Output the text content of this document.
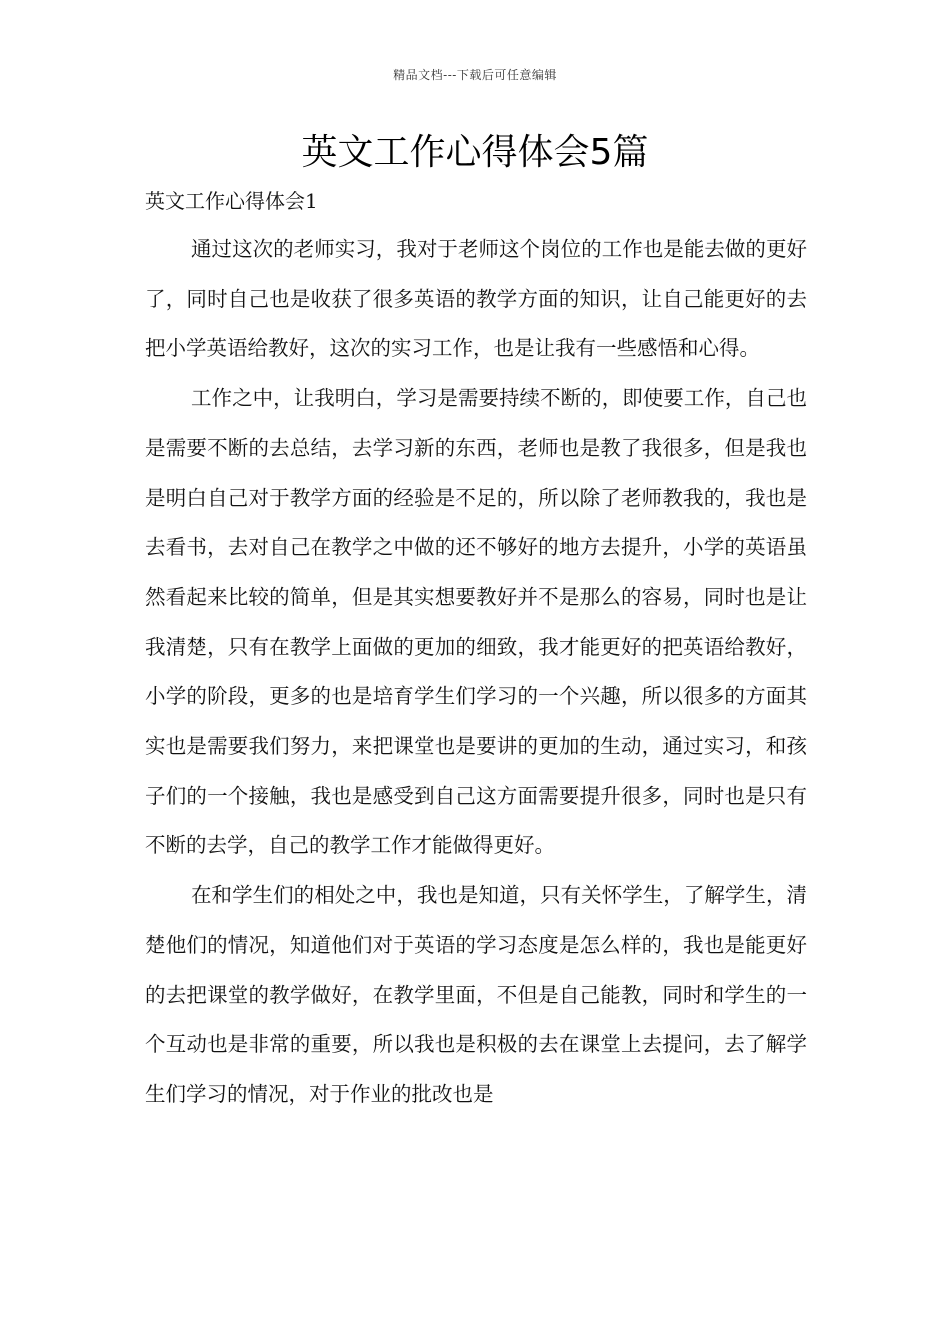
精品文档---下载后可任意编辑
英文工作心得体会5篇
英文工作心得体会1

通过这次的老师实习，我对于老师这个岗位的工作也是能去做的更好了，同时自己也是收获了很多英语的教学方面的知识，让自己能更好的去把小学英语给教好，这次的实习工作，也是让我有一些感悟和心得。

工作之中，让我明白，学习是需要持续不断的，即使要工作，自己也是需要不断的去总结，去学习新的东西，老师也是教了我很多，但是我也是明白自己对于教学方面的经验是不足的，所以除了老师教我的，我也是去看书，去对自己在教学之中做的还不够好的地方去提升，小学的英语虽然看起来比较的简单，但是其实想要教好并不是那么的容易，同时也是让我清楚，只有在教学上面做的更加的细致，我才能更好的把英语给教好，小学的阶段，更多的也是培育学生们学习的一个兴趣，所以很多的方面其实也是需要我们努力，来把课堂也是要讲的更加的生动，通过实习，和孩子们的一个接触，我也是感受到自己这方面需要提升很多，同时也是只有不断的去学，自己的教学工作才能做得更好。

在和学生们的相处之中，我也是知道，只有关怀学生，了解学生，清楚他们的情况，知道他们对于英语的学习态度是怎么样的，我也是能更好的去把课堂的教学做好，在教学里面，不但是自己能教，同时和学生的一个互动也是非常的重要，所以我也是积极的去在课堂上去提问，去了解学生们学习的情况，对于作业的批改也是
